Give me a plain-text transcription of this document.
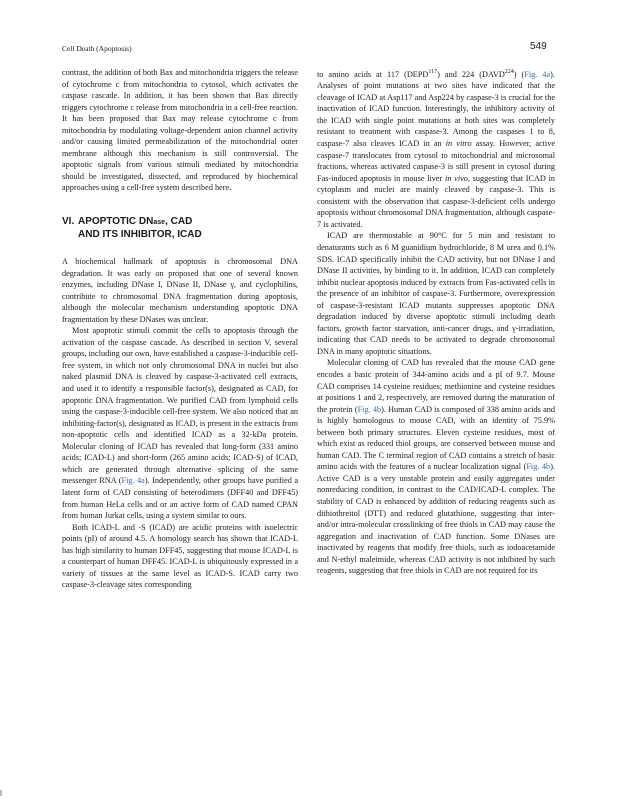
Cell Death (Apoptosis)	549

contrast, the addition of both Bax and mitochondria triggers the release of cytochrome c from mitochondria to cytosol, which activates the caspase cascade. In addition, it has been shown that Bax directly triggers cytochrome c release from mitochondria in a cell-free reaction. It has been proposed that Bax may release cytochrome c from mitochondria by modulating voltage-dependent anion channel activity and/or causing limited permeabilization of the mitochondrial outer membrane although this mechanism is still controversial. The apoptotic signals from various stimuli mediated by mitochondria should be investigated, dissected, and reproduced by biochemical approaches using a cell-free system described here.

VI. APOPTOTIC DNase, CAD
AND ITS INHIBITOR, ICAD

A biochemical hallmark of apoptosis is chromosomal DNA degradation. It was early on proposed that one of several known enzymes, including DNase I, DNase II, DNase γ, and cyclophilins, contribute to chromosomal DNA fragmentation during apoptosis, although the molecular mechanism understanding apoptotic DNA fragmentation by these DNases was unclear.

Most apoptotic stimuli commit the cells to apoptosis through the activation of the caspase cascade. As described in section V, several groups, including our own, have established a caspase-3-inducible cell-free system, in which not only chromosomal DNA in nuclei but also naked plasmid DNA is cleaved by caspase-3-activated cell extracts, and used it to identify a responsible factor(s), designated as CAD, for apoptotic DNA fragmentation. We purified CAD from lymphoid cells using the caspase-3-inducible cell-free system. We also noticed that an inhibiting-factor(s), designated as ICAD, is present in the extracts from non-apoptotic cells and identified ICAD as a 32-kDa protein. Molecular cloning of ICAD has revealed that long-form (331 amino acids; ICAD-L) and short-form (265 amino acids; ICAD-S) of ICAD, which are generated through alternative splicing of the same messenger RNA (Fig. 4a). Independently, other groups have purified a latent form of CAD consisting of heterodimers (DFF40 and DFF45) from human HeLa cells and or an active form of CAD named CPAN from human Jurkat cells, using a system similar to ours.

Both ICAD-L and -S (ICAD) are acidic proteins with isoelectric points (pI) of around 4.5. A homology search has shown that ICAD-L has high similarity to human DFF45, suggesting that mouse ICAD-L is a counterpart of human DFF45. ICAD-L is ubiquitously expressed in a variety of tissues at the same level as ICAD-S. ICAD carry two caspase-3-cleavage sites corresponding

to amino acids at 117 (DEPD$^{117}$) and 224 (DAVD$^{224}$) (Fig. 4a). Analyses of point mutations at two sites have indicated that the cleavage of ICAD at Asp117 and Asp224 by caspase-3 is crucial for the inactivation of ICAD function. Interestingly, the inhibitory activity of the ICAD with single point mutations at both sites was completely resistant to treatment with caspase-3. Among the caspases 1 to 8, caspase-7 also cleaves ICAD in an in vitro assay. However, active caspase-7 translocates from cytosol to mitochondrial and microsomal fractions, whereas activated caspase-3 is still present in cytosol during Fas-induced apoptosis in mouse liver in vivo, suggesting that ICAD in cytoplasm and nuclei are mainly cleaved by caspase-3. This is consistent with the observation that caspase-3-deficient cells undergo apoptosis without chromosomal DNA fragmentation, although caspase-7 is activated.

ICAD are thermostable at 90°C for 5 min and resistant to denaturants such as 6 M guanidium hydrochloride, 8 M urea and 0.1% SDS. ICAD specifically inhibit the CAD activity, but not DNase I and DNase II activities, by binding to it. In addition, ICAD can completely inhibit nuclear apoptosis induced by extracts from Fas-activated cells in the presence of an inhibitor of caspase-3. Furthermore, overexpression of caspase-3-resistant ICAD mutants suppresses apoptotic DNA degradation induced by diverse apoptotic stimuli including death factors, growth factor starvation, anti-cancer drugs, and γ-irradiation, indicating that CAD needs to be activated to degrade chromosomal DNA in many apoptotic situations.

Molecular cloning of CAD has revealed that the mouse CAD gene encodes a basic protein of 344-amino acids and a pI of 9.7. Mouse CAD comprises 14 cysteine residues; methionine and cysteine residues at positions 1 and 2, respectively, are removed during the maturation of the protein (Fig. 4b). Human CAD is composed of 338 amino acids and is highly homologous to mouse CAD, with an identity of 75.9% between both primary structures. Eleven cysteine residues, most of which exist as reduced thiol groups, are conserved between mouse and human CAD. The C terminal region of CAD contains a stretch of basic amino acids with the features of a nuclear localization signal (Fig. 4b). Active CAD is a very unstable protein and easily aggregates under nonreducing condition, in contrast to the CAD/ICAD-L complex. The stability of CAD is enhanced by addition of reducing reagents such as dithiothreitol (DTT) and reduced glutathione, suggesting that inter- and/or intra-molecular crosslinking of free thiols in CAD may cause the aggregation and inactivation of CAD function. Some DNases are inactivated by reagents that modify free thiols, such as iodoacetamide and N-ethyl maleimide, whereas CAD activity is not inhibited by such reagents, suggesting that free thiols in CAD are not required for its
